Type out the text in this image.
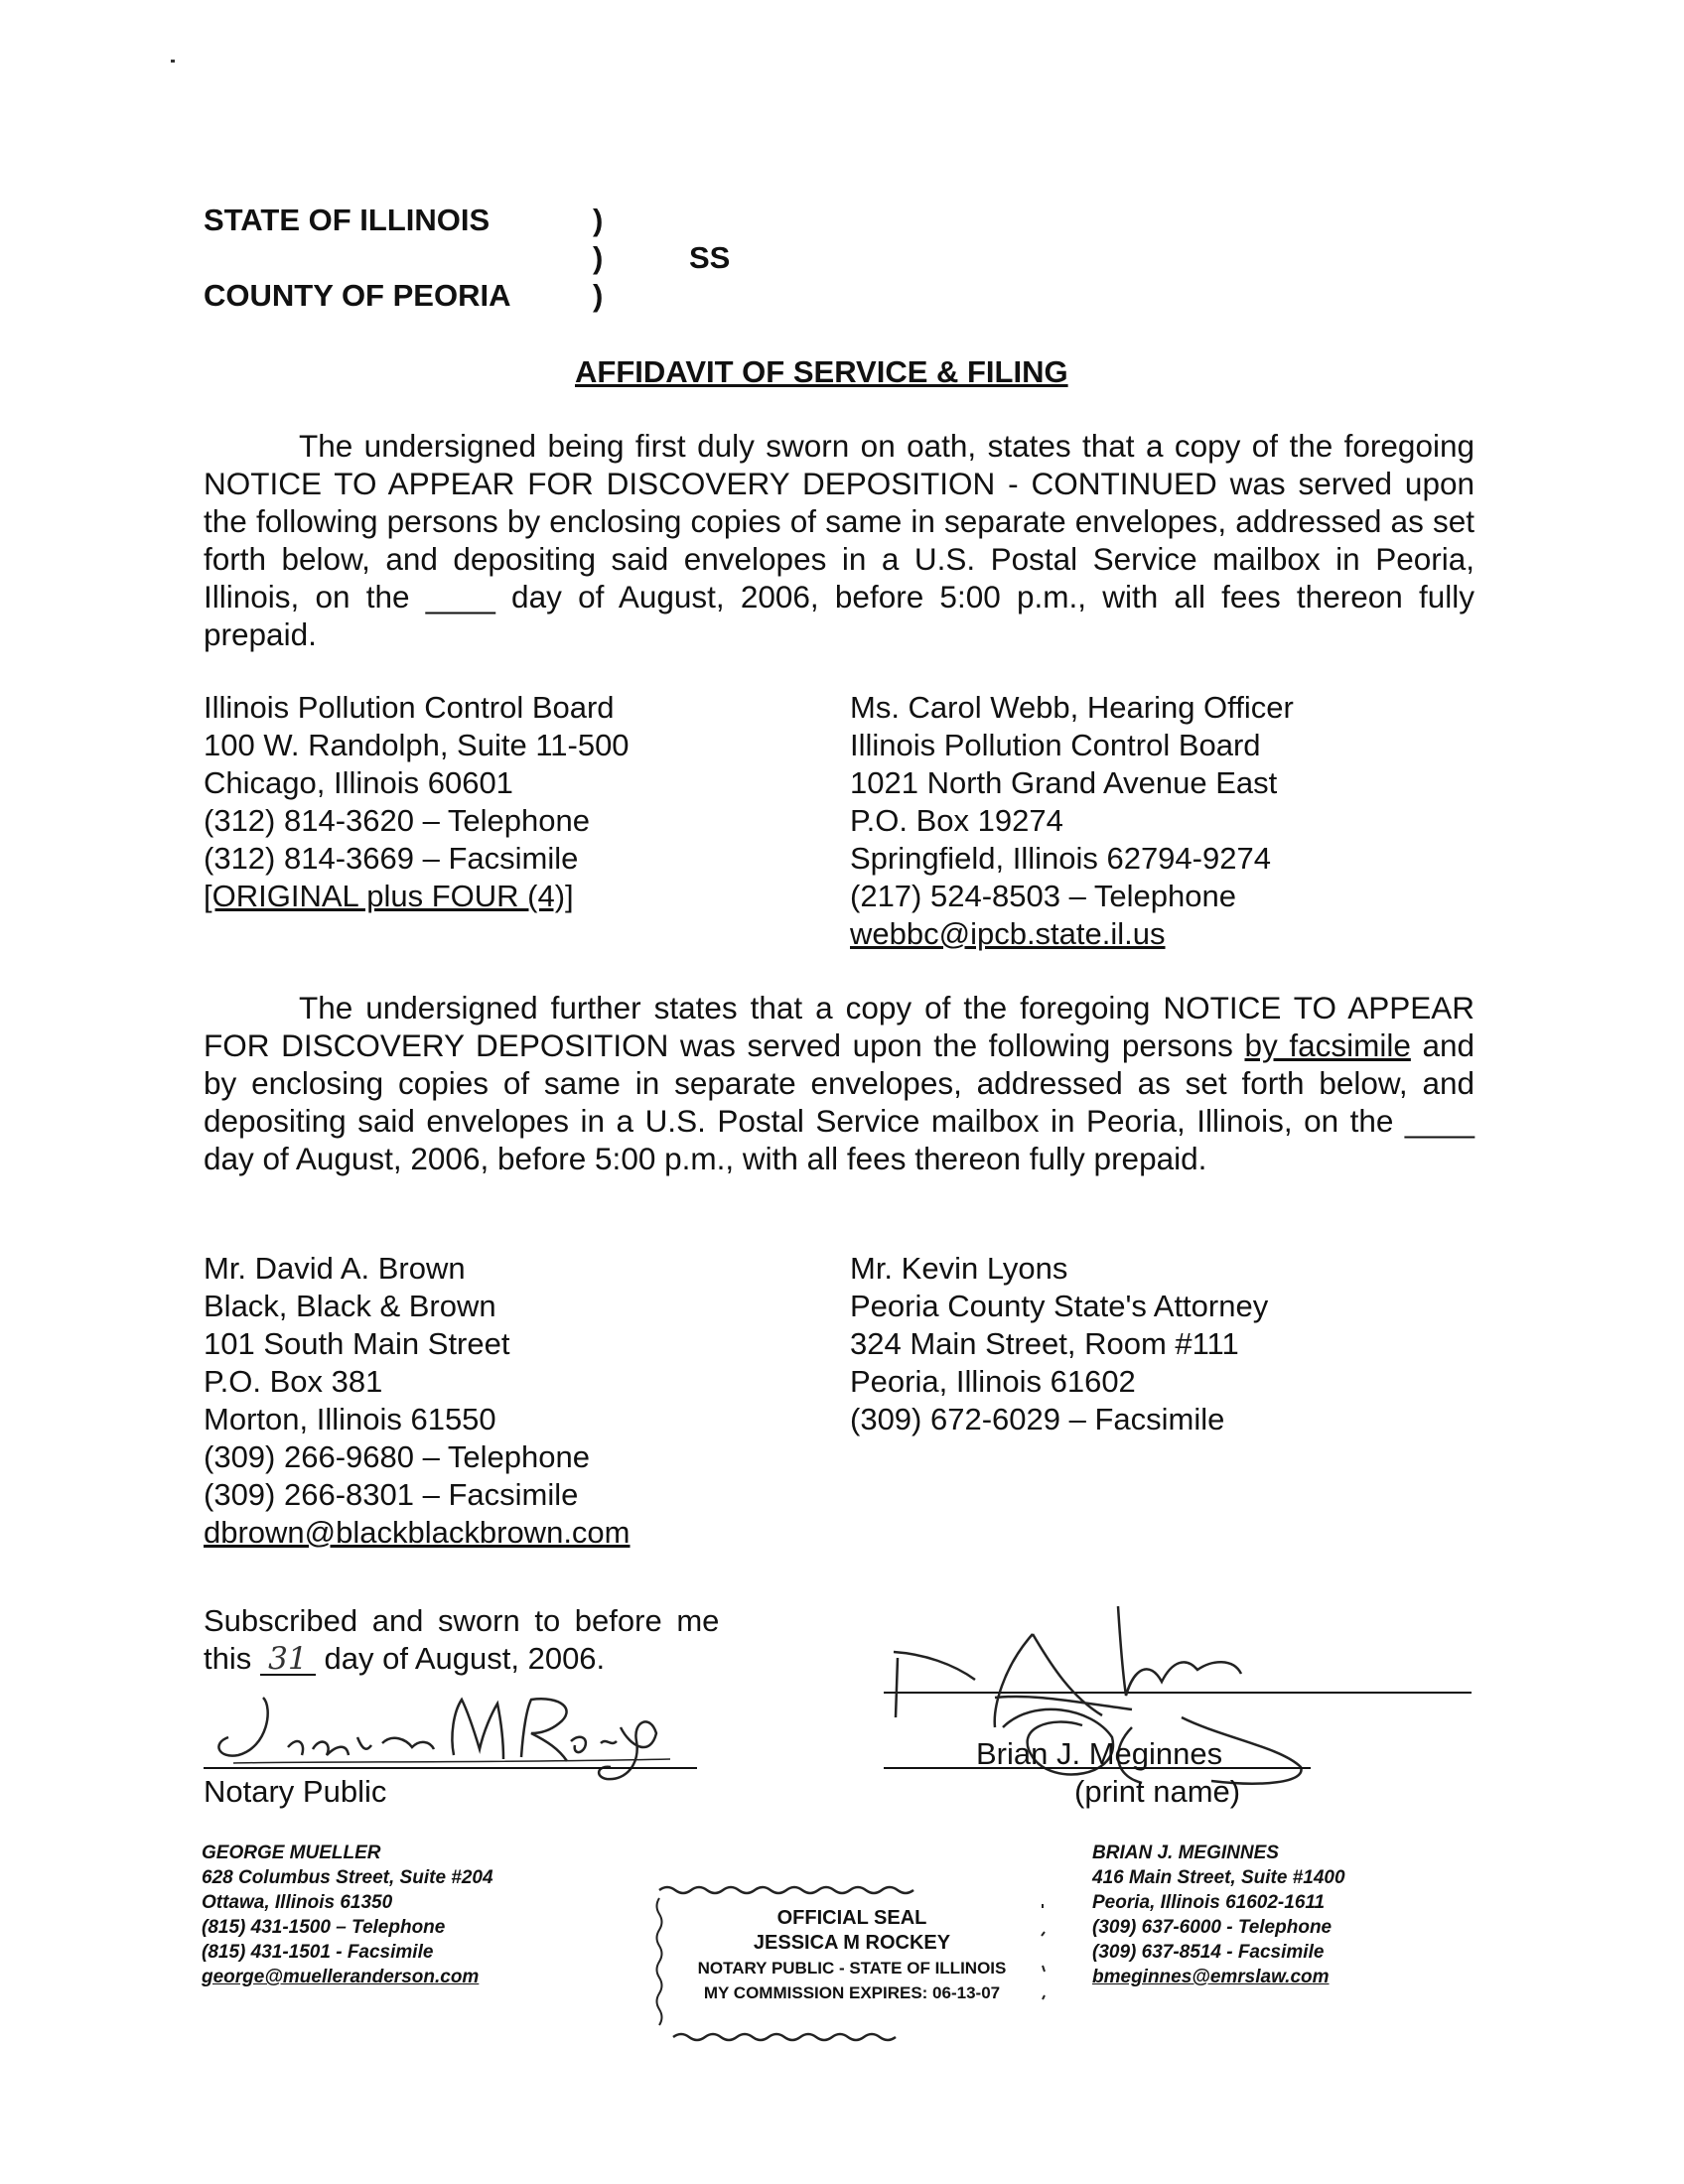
STATE OF ILLINOIS
COUNTY OF PEORIA
)
)
)
SS
AFFIDAVIT OF SERVICE & FILING
The undersigned being first duly sworn on oath, states that a copy of the foregoing NOTICE TO APPEAR FOR DISCOVERY DEPOSITION - CONTINUED was served upon the following persons by enclosing copies of same in separate envelopes, addressed as set forth below, and depositing said envelopes in a U.S. Postal Service mailbox in Peoria, Illinois, on the ____ day of August, 2006, before 5:00 p.m., with all fees thereon fully prepaid.
Illinois Pollution Control Board
100 W. Randolph, Suite 11-500
Chicago, Illinois 60601
(312) 814-3620 – Telephone
(312) 814-3669 – Facsimile
[ORIGINAL plus FOUR (4)]
Ms. Carol Webb, Hearing Officer
Illinois Pollution Control Board
1021 North Grand Avenue East
P.O. Box 19274
Springfield, Illinois 62794-9274
(217) 524-8503 – Telephone
webbc@ipcb.state.il.us
The undersigned further states that a copy of the foregoing NOTICE TO APPEAR FOR DISCOVERY DEPOSITION was served upon the following persons by facsimile and by enclosing copies of same in separate envelopes, addressed as set forth below, and depositing said envelopes in a U.S. Postal Service mailbox in Peoria, Illinois, on the ____ day of August, 2006, before 5:00 p.m., with all fees thereon fully prepaid.
Mr. David A. Brown
Black, Black & Brown
101 South Main Street
P.O. Box 381
Morton, Illinois 61550
(309) 266-9680 – Telephone
(309) 266-8301 – Facsimile
dbrown@blackblackbrown.com
Mr. Kevin Lyons
Peoria County State's Attorney
324 Main Street, Room #111
Peoria, Illinois 61602
(309) 672-6029 – Facsimile
Subscribed and sworn to before me
this 31 day of August, 2006.
Notary Public
Brian J. Meginnes
(print name)
GEORGE MUELLER
628 Columbus Street, Suite #204
Ottawa, Illinois 61350
(815) 431-1500 – Telephone
(815) 431-1501 - Facsimile
george@muelleranderson.com
BRIAN J. MEGINNES
416 Main Street, Suite #1400
Peoria, Illinois 61602-1611
(309) 637-6000 - Telephone
(309) 637-8514 - Facsimile
bmeginnes@emrslaw.com
OFFICIAL SEAL
JESSICA M ROCKEY
NOTARY PUBLIC - STATE OF ILLINOIS
MY COMMISSION EXPIRES: 06-13-07
